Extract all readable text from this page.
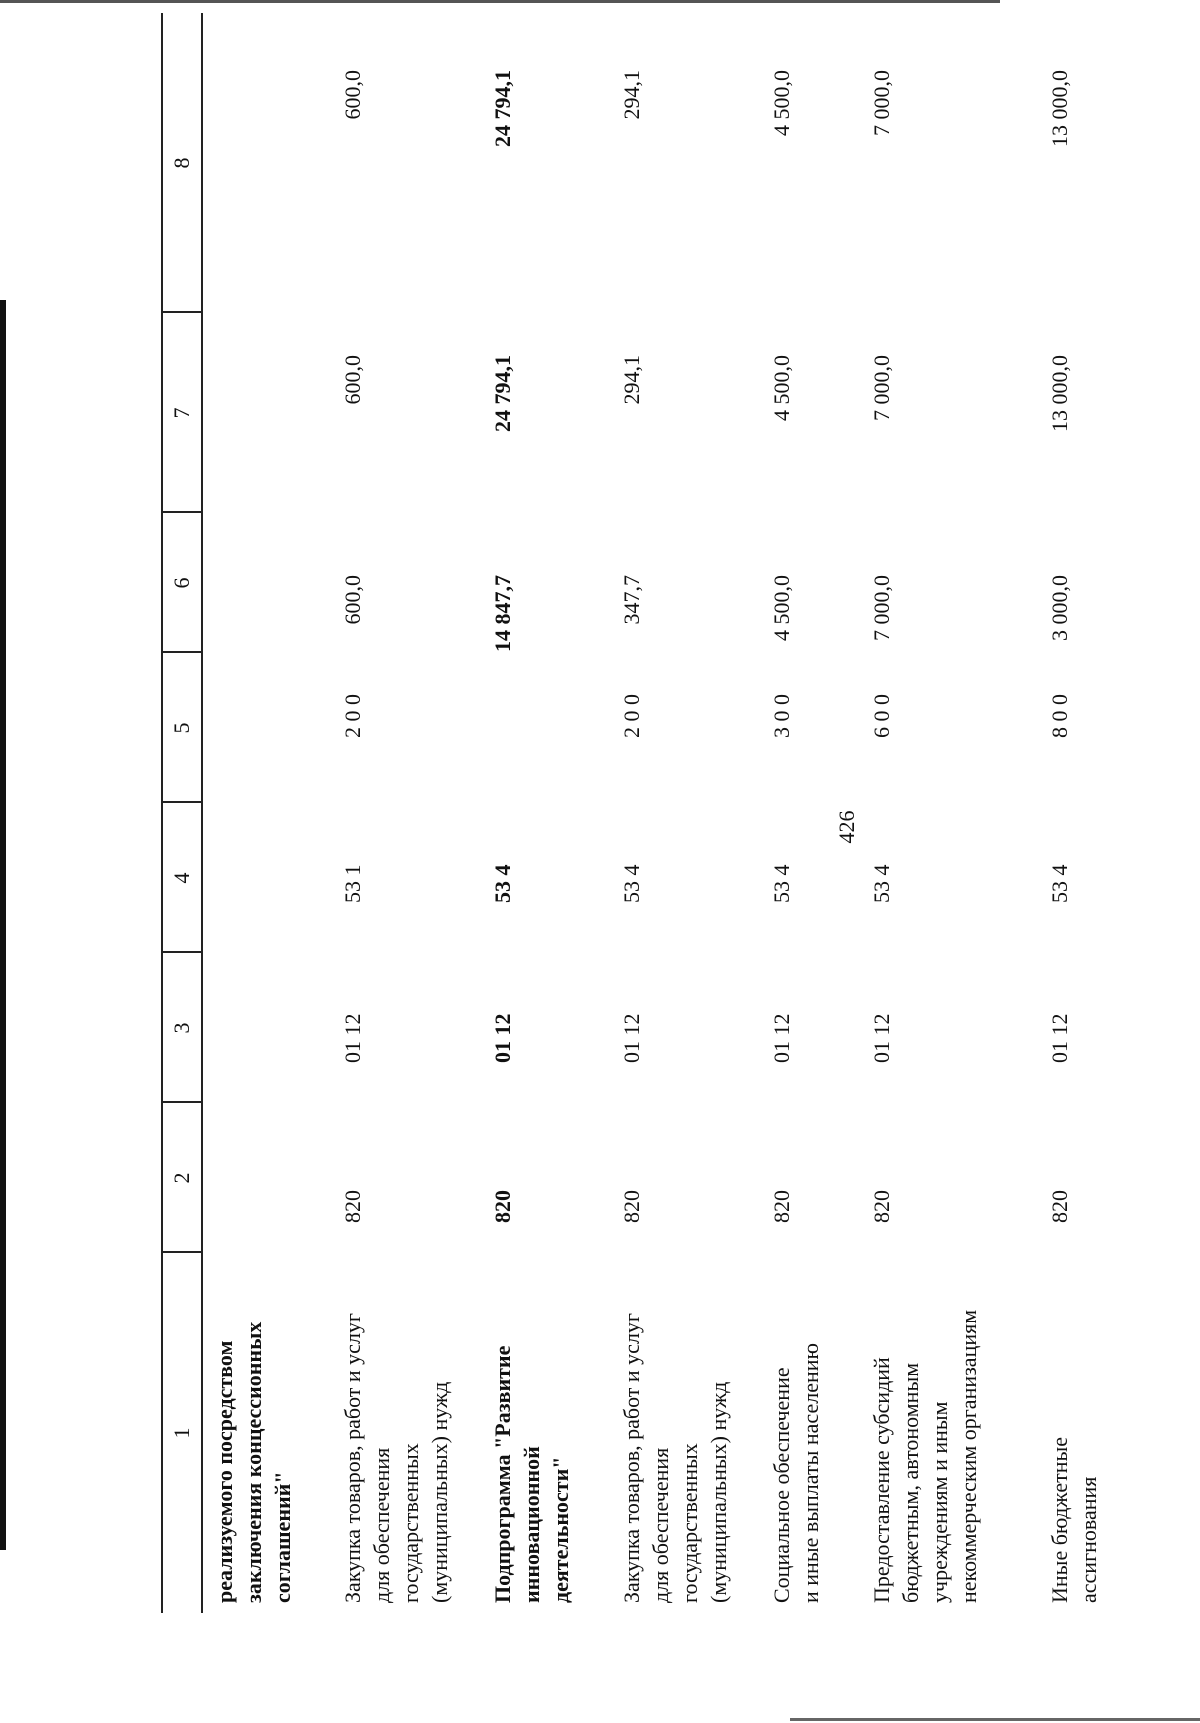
426
1
2
3
4
5
6
7
8
реализуемого посредством заключения концессионных соглашений" Закупка товаров, работ и услуг для обеспечения государственных (муниципальных) нужд
820
01 12
53 1
2 0 0
600,0
600,0
600,0
Подпрограмма "Развитие инновационной деятельности"
820
01 12
53 4
14 847,7
24 794,1
24 794,1
Закупка товаров, работ и услуг для обеспечения государственных (муниципальных) нужд
820
01 12
53 4
2 0 0
347,7
294,1
294,1
Социальное обеспечение и иные выплаты населению
820
01 12
53 4
3 0 0
4 500,0
4 500,0
4 500,0
Предоставление субсидий бюджетным, автономным учреждениям и иным некоммерческим организациям
820
01 12
53 4
6 0 0
7 000,0
7 000,0
7 000,0
Иные бюджетные ассигнования
820
01 12
53 4
8 0 0
3 000,0
13 000,0
13 000,0
